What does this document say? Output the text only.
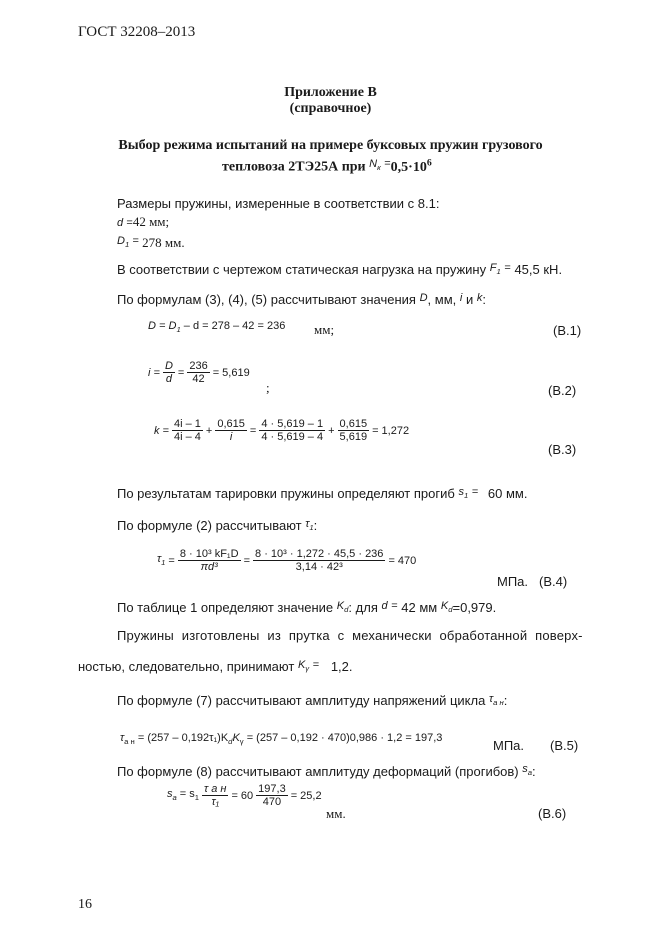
ГОСТ 32208–2013
Приложение В
(справочное)
Выбор режима испытаний на примере буксовых пружин грузового
тепловоза 2ТЭ25А при $^{N_к}$ $^=0,5\cdot 10^6$
Размеры пружины, измеренные в соответствии с 8.1:
d =42 мм;
$^{D_1}$ = 278 мм.
В соответствии с чертежом статическая нагрузка на пружину $^{F_1}$ = 45,5 кН.
По формулам (3), (4), (5) рассчитывают значения $^D$, мм, $^i$ и $^k$:
$D = D_1 - d = 278 - 42 = 236$ мм;	(В.1)
$i = \frac{D}{d} = \frac{236}{42} = 5,619$
;	(В.2)
$k = \frac{4i - 1}{4i - 4} + \frac{0,615}{i} = \frac{4 \cdot 5,619 - 1}{4 \cdot 5,619 - 4} + \frac{0,615}{5,619} = 1,272$
(В.3)
По результатам тарировки пружины определяют прогиб $^{s_1}$ = 60 мм.
По формуле (2) рассчитывают $^{\tau_1}$:
$\tau_1 = \frac{\text{8 · 10³ kF₁D}}{\text{πd³}} = \frac{\text{8 · 10³ · 1,272 · 45,5 · 236}}{\text{3,14 · 42³}} = 470$
МПа. (В.4)
По таблице 1 определяют значение $^{K_d}$: для $^d$ = 42 мм $^{K_d}$=0,979.
Пружины изготовлены из прутка с механически обработанной поверх-
ностью, следовательно, принимают $^{K_\gamma}$ = 1,2.
По формуле (7) рассчитывают амплитуду напряжений цикла $^{\tau_{а н}}$:
$\tau_{а н} = (257 - 0,192\tau_1)K_dK_\gamma = (257 - 0,192 \cdot 470)0,986 \cdot 1,2 = 197,3$	МПа. (В.5)
По формуле (8) рассчитывают амплитуду деформаций (прогибов) $^{s_а}$:
$s_а = s_1 \frac{\text{τ а н}}{\text{τ₁}} = 60 \frac{197,3}{470} = 25,2$
мм.	(В.6)
16
